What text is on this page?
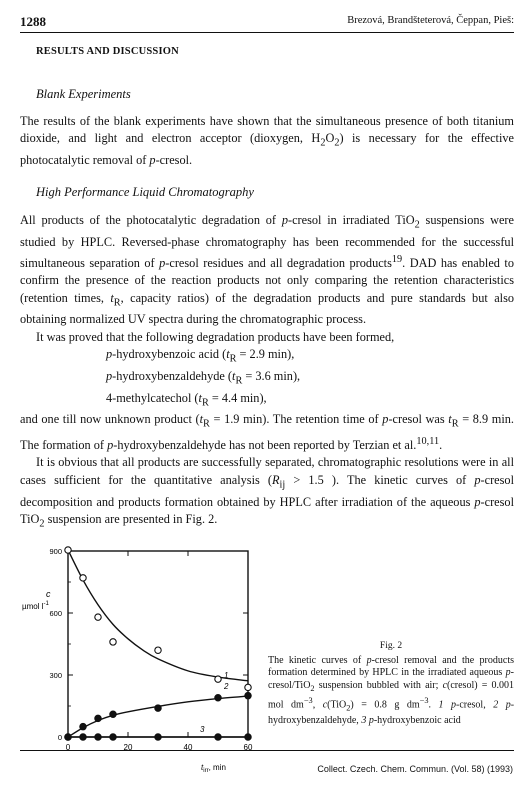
1288	Brezová, Brandšteterová, Čeppan, Pieš:
RESULTS AND DISCUSSION
Blank Experiments

The results of the blank experiments have shown that the simultaneous presence of both titanium dioxide, and light and electron acceptor (dioxygen, $H_2O_2$) is necessary for the effective photocatalytic removal of p-cresol.

High Performance Liquid Chromatography

All products of the photocatalytic degradation of p-cresol in irradiated TiO$_2$ suspensions were studied by HPLC. Reversed-phase chromatography has been recommended for the successful simultaneous separation of p-cresol residues and all degradation products$^{19}$. DAD has enabled to confirm the presence of the reaction products not only comparing the retention characteristics (retention times, $t_R$, capacity ratios) of the degradation products and pure standards but also obtaining normalized UV spectra during the chromatographic process.

It was proved that the following degradation products have been formed,

p-hydroxybenzoic acid ($t_R = 2.9$ min),

p-hydroxybenzaldehyde ($t_R = 3.6$ min),

4-methylcatechol ($t_R = 4.4$ min),

and one till now unknown product ($t_R = 1.9$ min). The retention time of p-cresol was $t_R = 8.9$ min. The formation of p-hydroxybenzaldehyde has not been reported by Terzian et al.$^{10,11}$.

It is obvious that all products are successfully separated, chromatographic resolutions were in all cases sufficient for the quantitative analysis ($R_{ij} > 1.5$ ). The kinetic curves of p-cresol decomposition and products formation obtained by HPLC after irradiation of the aqueous p-cresol TiO$_2$ suspension are presented in Fig. 2.

0	20	40	60
0
300
600
900
1
2
3
c
µmol $l^{-1}$
$t_{irr}$, min
Fig. 2
The kinetic curves of p-cresol removal and the products formation determined by HPLC in the irradiated aqueous p-cresol/TiO$_2$ suspension bubbled with air; c(cresol) = 0.001 mol $dm^{-3}$, c(TiO$_2$) = 0.8 g $dm^{-3}$. 1 p-cresol, 2 p-hydroxybenzaldehyde, 3 p-hydroxybenzoic acid
Collect. Czech. Chem. Commun. (Vol. 58) (1993)
